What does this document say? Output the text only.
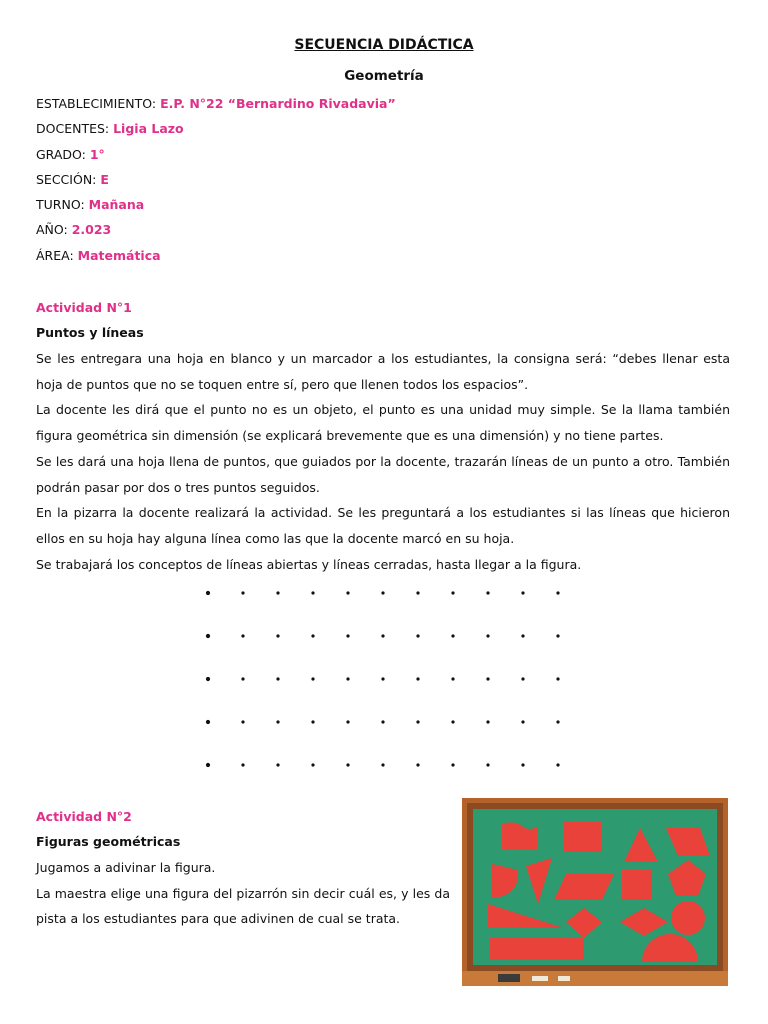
SECUENCIA DIDÁCTICA
Geometría
ESTABLECIMIENTO: E.P. N°22 “Bernardino Rivadavia”
DOCENTES: Ligia Lazo
GRADO: 1°
SECCIÓN: E
TURNO: Mañana
AÑO: 2.023
ÁREA: Matemática
Actividad N°1
Puntos y líneas

Se les entregara una hoja en blanco y un marcador a los estudiantes, la consigna será: “debes llenar esta hoja de puntos que no se toquen entre sí, pero que llenen todos los espacios”.

La docente les dirá que el punto no es un objeto, el punto es una unidad muy simple. Se la llama también figura geométrica sin dimensión (se explicará brevemente que es una dimensión) y no tiene partes.

Se les dará una hoja llena de puntos, que guiados por la docente, trazarán líneas de un punto a otro. También podrán pasar por dos o tres puntos seguidos.

En la pizarra la docente realizará la actividad. Se les preguntará a los estudiantes si las líneas que hicieron ellos en su hoja hay alguna línea como las que la docente marcó en su hoja.

Se trabajará los conceptos de líneas abiertas y líneas cerradas, hasta llegar a la figura.

Actividad N°2
Figuras geométricas

Jugamos a adivinar la figura.

La maestra elige una figura del pizarrón sin decir cuál es, y les da pista a los estudiantes para que adivinen de cual se trata.
